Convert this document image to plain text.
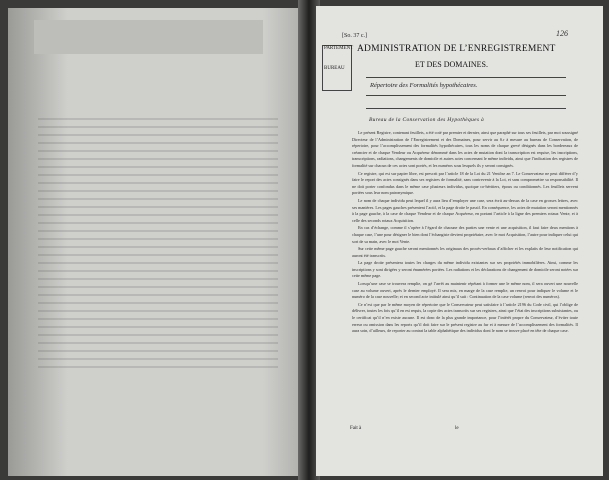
[So. 37 c.]	126
PARTEMENT
BUREAU
ADMINISTRATION DE L’ENREGISTREMENT
ET DES DOMAINES.
Répertoire des Formalités hypothécaires.
Bureau de la Conservation des Hypothèques à

Le présent Registre, contenant feuillets, a été coté par premier et dernier, ainsi que paraphé sur tous ses feuillets, par moi soussigné Directeur de l’Administration de l’Enregistrement et des Domaines, pour servir au S.r à mesure au bureau de Conservation, de répertoire, pour l’accomplissement des formalités hypothécaires, tous les noms de chaque grevé désignés dans les bordereaux de créancier et de chaque Vendeur ou Acquéreur dénommé dans les actes de mutation dont la transcription est requise, les inscriptions, transcriptions, radiations, changements de domicile et autres actes concernant le même individu, ainsi que l’indication des registres de formalité sur chacun de ces actes sont portés, et les numéros sous lesquels ils y seront consignés.

Ce registre, qui est sur papier libre, est prescrit par l’article 18 de la Loi du 21 Ventôse an 7. Le Conservateur ne peut différer d’y faire le report des actes consignés dans ses registres de formalité, sans contrevenir à la Loi, et sans compromettre sa responsabilité. Il ne doit porter confondus dans le même case plusieurs individus, quoique co-héritiers, époux ou conditionnés. Les feuillets servent portées sous leur nom patronymique.

Le nom de chaque individu peut lequel il y aura lieu d’employer une case, sera écrit au-dessus de la case en grosses lettres, avec ses manières. Les pages gauches présentent l’actif, et la page droite le passif. En conséquence, les actes de mutation seront mentionnés à la page gauche, à la case de chaque Vendeur et de chaque Acquéreur, en portant l’article à la ligne des premiers rotaux Vente, et à celle des seconds rotaux Acquisition.

En cas d’échange, comme il s’opère à l’égard de chacune des parties une vente et une acquisition, il faut faire deux mentions à chaque case, l’une pour désigner le bien dont l’échangiste devient propriétaire, avec le mot Acquisition, l’autre pour indiquer celui qui sort de sa main, avec le mot Vente.

Sur cette même page gauche seront mentionnés les originaux des procès-verbaux d’afficher et les explaits de leur notification qui auront été transcrits.

La page droite présentera toutes les charges du même individu existantes sur ses propriétés immobilières. Ainsi, comme les inscriptions y sont dirigées y seront énumérées portées. Les radiations et les déclarations de changement de domicile seront notées sur cette même page.

Lorsqu’une case se trouvera remplie, on gé l’arrêt au maintenir répétant à former une le même nom, il sera ouvert une nouvelle case au volume ouvert, après le dernier employé. Il sera mis, en marge de la case remplie, un renvoi pour indiquer le volume et le numéro de la case nouvelle; et en second acte intitulé ainsi qu’il suit : Continuation de la case volume (renvoi des numéros).

Ce n’est que par le même moyen de répertoire que le Conservateur peut satisfaire à l’article 2196 du Code civil, qui l’oblige de délivrer, toutes les fois qu’il en est requis, la copie des actes transcrits sur ses registres, ainsi que l’état des inscriptions subsistantes, ou le certificat qu’il n’en existe aucune. Il est donc de la plus grande importance, pour l’intérêt propre du Conservateur, d’éviter toute erreur ou omission dans les reports qu’il doit faire sur le présent registre au fur et à mesure de l’accomplissement des formalités. Il aura soin, d’ailleurs, de reporter au contrat la table alphabétique des individus dont le nom se trouve placé en tête de chaque case.

Fait à	le
